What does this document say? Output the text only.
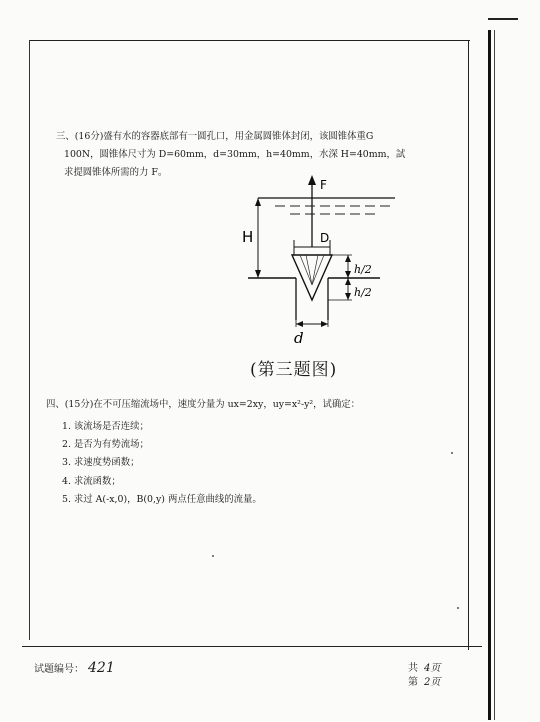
三、(16分)盛有水的容器底部有一圆孔口，用金属圆锥体封闭，该圆锥体重G
100N，圆锥体尺寸为 D=60mm，d=30mm，h=40mm，水深 H=40mm，試
求提圆锥体所需的力 F。
F
H	D
h/2
h/2
d
(第三题图)
四、(15分)在不可压缩流场中，速度分量为 ux=2xy，uy=x²-y²，试确定：
1. 该流场是否连续；
2. 是否为有势流场；
3. 求速度势函数；
4. 求流函数；
5. 求过 A(-x,0)，B(0,y) 两点任意曲线的流量。
试题编号： 421	共 4页
第 2页
